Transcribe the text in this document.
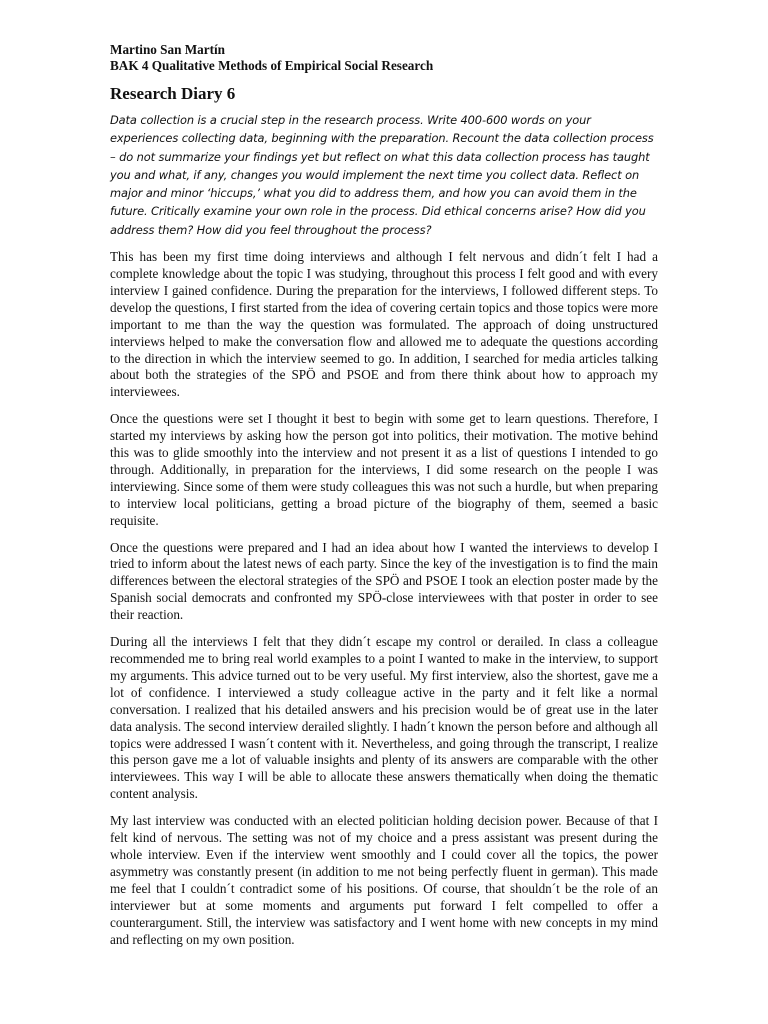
Martino San Martín

BAK 4 Qualitative Methods of Empirical Social Research

Research Diary 6

Data collection is a crucial step in the research process. Write 400-600 words on your experiences collecting data, beginning with the preparation. Recount the data collection process – do not summarize your findings yet but reflect on what this data collection process has taught you and what, if any, changes you would implement the next time you collect data. Reflect on major and minor ‘hiccups,’ what you did to address them, and how you can avoid them in the future. Critically examine your own role in the process. Did ethical concerns arise? How did you address them? How did you feel throughout the process?

This has been my first time doing interviews and although I felt nervous and didn´t felt I had a complete knowledge about the topic I was studying, throughout this process I felt good and with every interview I gained confidence. During the preparation for the interviews, I followed different steps. To develop the questions, I first started from the idea of covering certain topics and those topics were more important to me than the way the question was formulated. The approach of doing unstructured interviews helped to make the conversation flow and allowed me to adequate the questions according to the direction in which the interview seemed to go. In addition, I searched for media articles talking about both the strategies of the SPÖ and PSOE and from there think about how to approach my interviewees.

Once the questions were set I thought it best to begin with some get to learn questions. Therefore, I started my interviews by asking how the person got into politics, their motivation. The motive behind this was to glide smoothly into the interview and not present it as a list of questions I intended to go through. Additionally, in preparation for the interviews, I did some research on the people I was interviewing. Since some of them were study colleagues this was not such a hurdle, but when preparing to interview local politicians, getting a broad picture of the biography of them, seemed a basic requisite.

Once the questions were prepared and I had an idea about how I wanted the interviews to develop I tried to inform about the latest news of each party. Since the key of the investigation is to find the main differences between the electoral strategies of the SPÖ and PSOE I took an election poster made by the Spanish social democrats and confronted my SPÖ-close interviewees with that poster in order to see their reaction.

During all the interviews I felt that they didn´t escape my control or derailed. In class a colleague recommended me to bring real world examples to a point I wanted to make in the interview, to support my arguments. This advice turned out to be very useful. My first interview, also the shortest, gave me a lot of confidence. I interviewed a study colleague active in the party and it felt like a normal conversation. I realized that his detailed answers and his precision would be of great use in the later data analysis. The second interview derailed slightly. I hadn´t known the person before and although all topics were addressed I wasn´t content with it. Nevertheless, and going through the transcript, I realize this person gave me a lot of valuable insights and plenty of its answers are comparable with the other interviewees. This way I will be able to allocate these answers thematically when doing the thematic content analysis.

My last interview was conducted with an elected politician holding decision power. Because of that I felt kind of nervous. The setting was not of my choice and a press assistant was present during the whole interview. Even if the interview went smoothly and I could cover all the topics, the power asymmetry was constantly present (in addition to me not being perfectly fluent in german). This made me feel that I couldn´t contradict some of his positions. Of course, that shouldn´t be the role of an interviewer but at some moments and arguments put forward I felt compelled to offer a counterargument. Still, the interview was satisfactory and I went home with new concepts in my mind and reflecting on my own position.
